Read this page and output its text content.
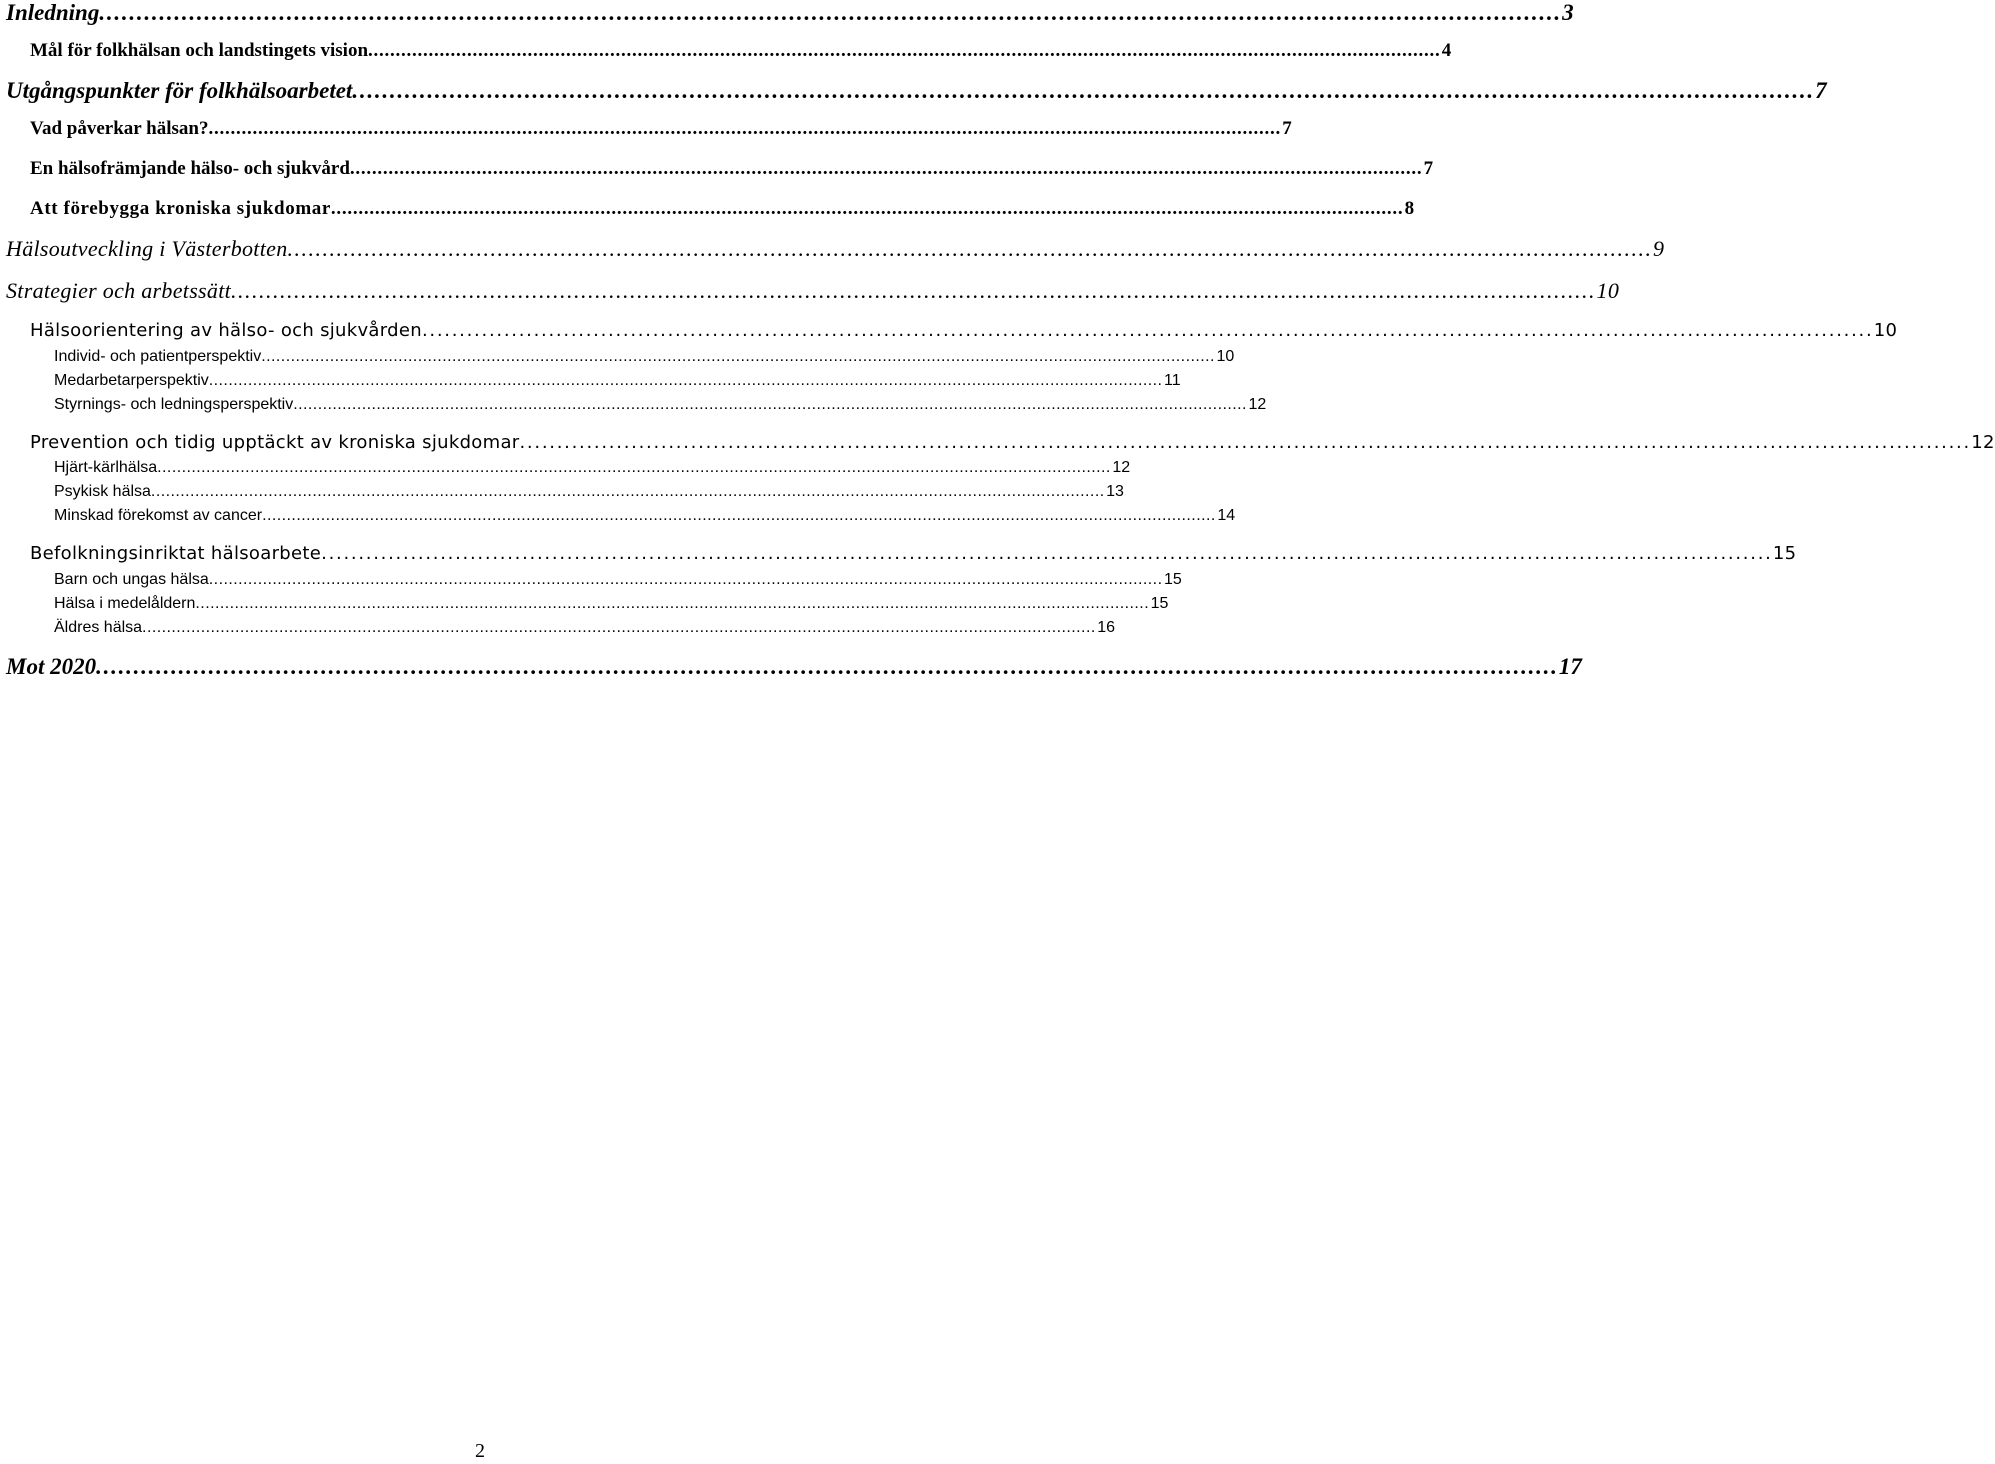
Inledning . . .	3
Mål för folkhälsan och landstingets vision . . .	4
Utgångspunkter för folkhälsoarbetet . . .	7
Vad påverkar hälsan? . . .	7
En hälsofrämjande hälso- och sjukvård . . .	7
Att förebygga kroniska sjukdomar . . .	8
Hälsoutveckling i Västerbotten . . .	9
Strategier och arbetssätt . . .	10
Hälsoorientering av hälso- och sjukvården . . .	10
Individ- och patientperspektiv . . .	10
Medarbetarperspektiv . . .	11
Styrnings- och ledningsperspektiv . . .	12
Prevention och tidig upptäckt av kroniska sjukdomar . . .	12
Hjärt-kärlhälsa . . .	12
Psykisk hälsa . . .	13
Minskad förekomst av cancer . . .	14
Befolkningsinriktat hälsoarbete . . .	15
Barn och ungas hälsa . . .	15
Hälsa i medelåldern . . .	15
Äldres hälsa . . .	16
Mot 2020 . . .	17
2
